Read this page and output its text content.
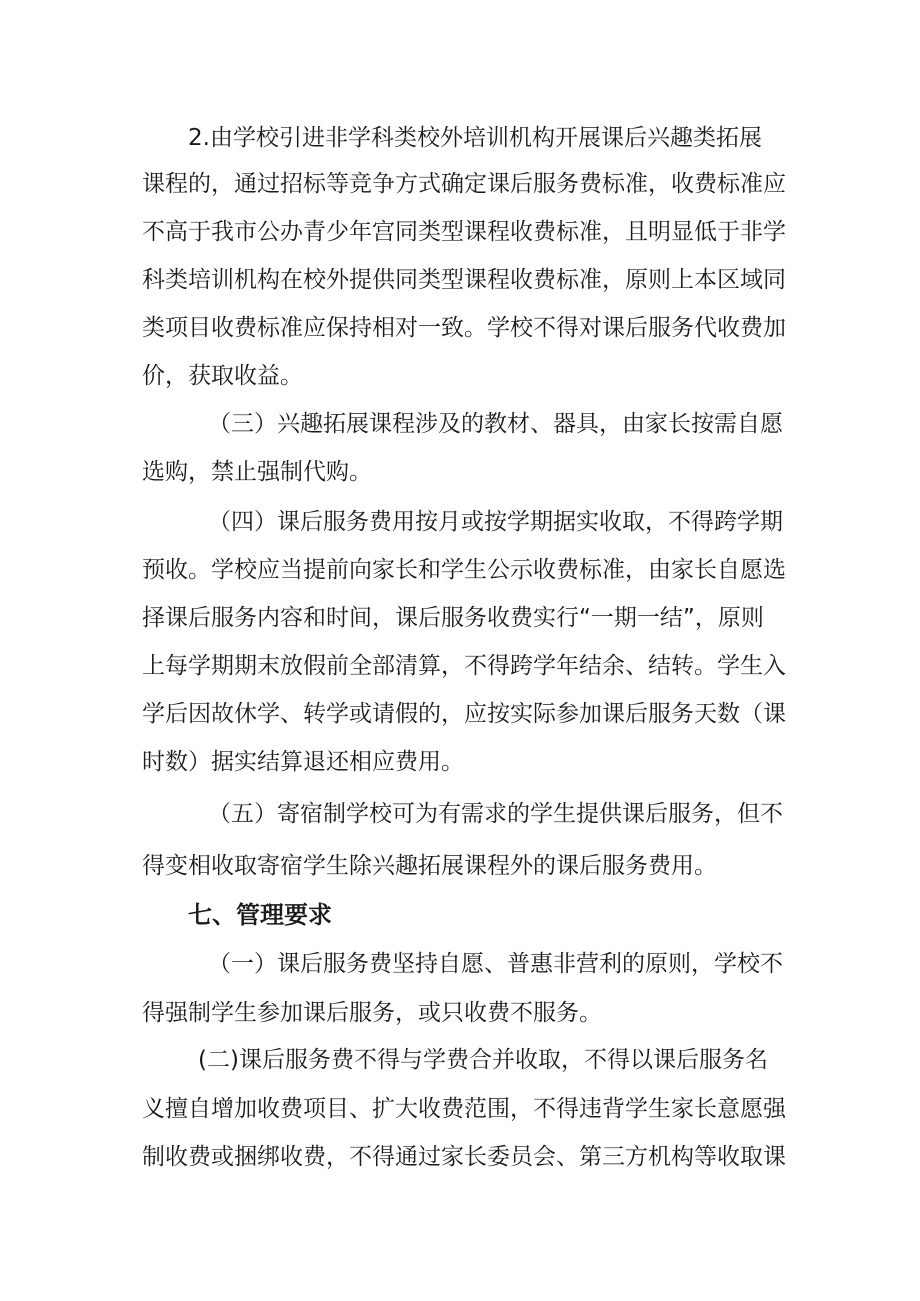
2.由学校引进非学科类校外培训机构开展课后兴趣类拓展
课程的，通过招标等竞争方式确定课后服务费标准，收费标准应
不高于我市公办青少年宫同类型课程收费标准，且明显低于非学
科类培训机构在校外提供同类型课程收费标准，原则上本区域同
类项目收费标准应保持相对一致。学校不得对课后服务代收费加
价，获取收益。
（三）兴趣拓展课程涉及的教材、器具，由家长按需自愿
选购，禁止强制代购。
（四）课后服务费用按月或按学期据实收取，不得跨学期
预收。学校应当提前向家长和学生公示收费标准，由家长自愿选
择课后服务内容和时间，课后服务收费实行“一期一结”，原则
上每学期期末放假前全部清算，不得跨学年结余、结转。学生入
学后因故休学、转学或请假的，应按实际参加课后服务天数（课
时数）据实结算退还相应费用。
（五）寄宿制学校可为有需求的学生提供课后服务，但不
得变相收取寄宿学生除兴趣拓展课程外的课后服务费用。
七、管理要求
（一）课后服务费坚持自愿、普惠非营利的原则，学校不
得强制学生参加课后服务，或只收费不服务。
(二)课后服务费不得与学费合并收取，不得以课后服务名
义擅自增加收费项目、扩大收费范围，不得违背学生家长意愿强
制收费或捆绑收费，不得通过家长委员会、第三方机构等收取课
